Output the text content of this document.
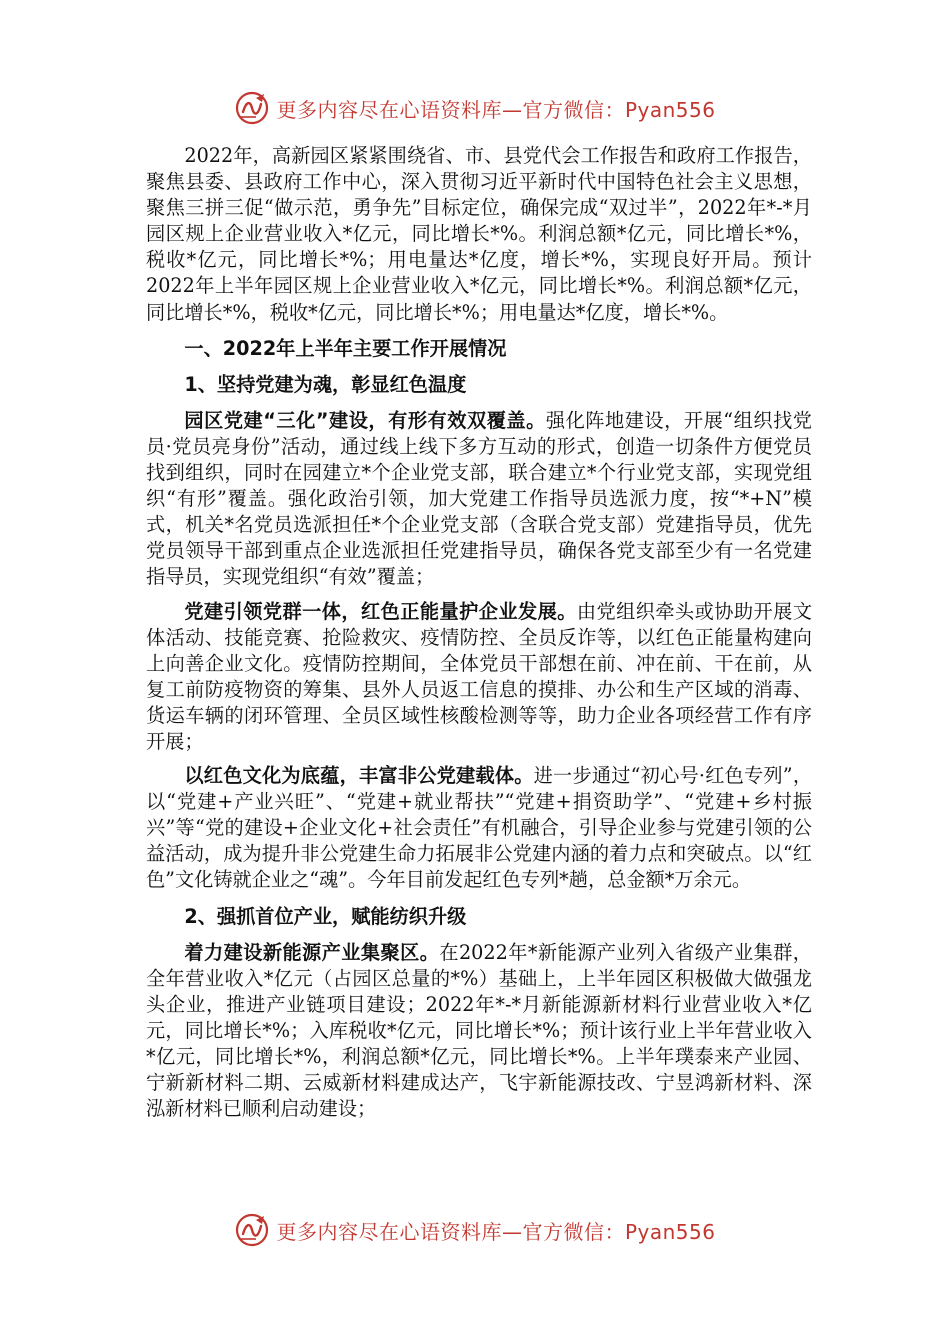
更多内容尽在心语资料库—官方微信：Pyan556

2022年，高新园区紧紧围绕省、市、县党代会工作报告和政府工作报告，聚焦县委、县政府工作中心，深入贯彻习近平新时代中国特色社会主义思想，聚焦三拼三促“做示范，勇争先”目标定位，确保完成“双过半”，2022年*-*月园区规上企业营业收入*亿元，同比增长*%。利润总额*亿元，同比增长*%，税收*亿元，同比增长*%；用电量达*亿度，增长*%，实现良好开局。预计2022年上半年园区规上企业营业收入*亿元，同比增长*%。利润总额*亿元，同比增长*%，税收*亿元，同比增长*%；用电量达*亿度，增长*%。

一、2022年上半年主要工作开展情况
1、坚持党建为魂，彰显红色温度

园区党建“三化”建设，有形有效双覆盖。强化阵地建设，开展“组织找党员·党员亮身份”活动，通过线上线下多方互动的形式，创造一切条件方便党员找到组织，同时在园建立*个企业党支部，联合建立*个行业党支部，实现党组织“有形”覆盖。强化政治引领，加大党建工作指导员选派力度，按“*+N”模式，机关*名党员选派担任*个企业党支部（含联合党支部）党建指导员，优先党员领导干部到重点企业选派担任党建指导员，确保各党支部至少有一名党建指导员，实现党组织“有效”覆盖；

党建引领党群一体，红色正能量护企业发展。由党组织牵头或协助开展文体活动、技能竞赛、抢险救灾、疫情防控、全员反诈等，以红色正能量构建向上向善企业文化。疫情防控期间，全体党员干部想在前、冲在前、干在前，从复工前防疫物资的筹集、县外人员返工信息的摸排、办公和生产区域的消毒、货运车辆的闭环管理、全员区域性核酸检测等等，助力企业各项经营工作有序开展；

以红色文化为底蕴，丰富非公党建载体。进一步通过“初心号·红色专列”，以“党建+产业兴旺”、“党建+就业帮扶”“党建+捐资助学”、“党建+乡村振兴”等“党的建设+企业文化+社会责任”有机融合，引导企业参与党建引领的公益活动，成为提升非公党建生命力拓展非公党建内涵的着力点和突破点。以“红色”文化铸就企业之“魂”。今年目前发起红色专列*趟，总金额*万余元。

2、强抓首位产业，赋能纺织升级

着力建设新能源产业集聚区。在2022年*新能源产业列入省级产业集群，全年营业收入*亿元（占园区总量的*%）基础上，上半年园区积极做大做强龙头企业，推进产业链项目建设；2022年*-*月新能源新材料行业营业收入*亿元，同比增长*%；入库税收*亿元，同比增长*%；预计该行业上半年营业收入*亿元，同比增长*%，利润总额*亿元，同比增长*%。上半年璞泰来产业园、宁新新材料二期、云威新材料建成达产，飞宇新能源技改、宁昱鸿新材料、深泓新材料已顺利启动建设；

更多内容尽在心语资料库—官方微信：Pyan556
